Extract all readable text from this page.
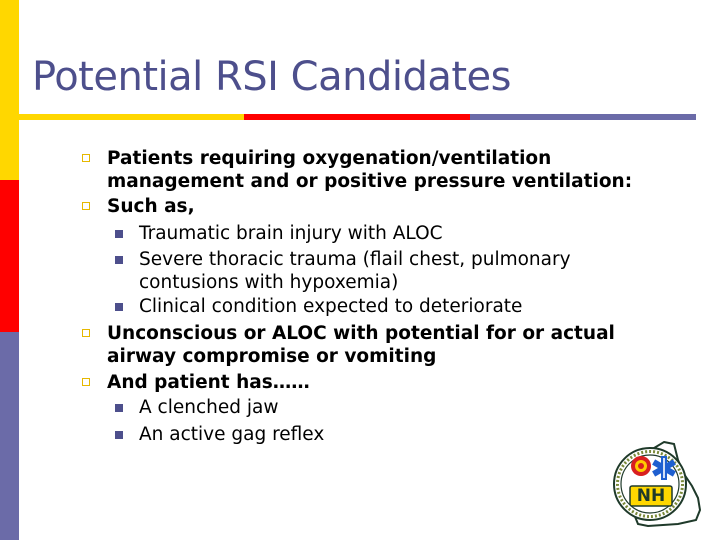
Potential RSI Candidates
Patients requiring oxygenation/ventilation
management and or positive pressure ventilation:
Such as,
Traumatic brain injury with ALOC
Severe thoracic trauma (flail chest, pulmonary
contusions with hypoxemia)
Clinical condition expected to deteriorate
Unconscious or ALOC with potential for or actual
airway compromise or vomiting
And patient has……
A clenched jaw
An active gag reflex
NH
